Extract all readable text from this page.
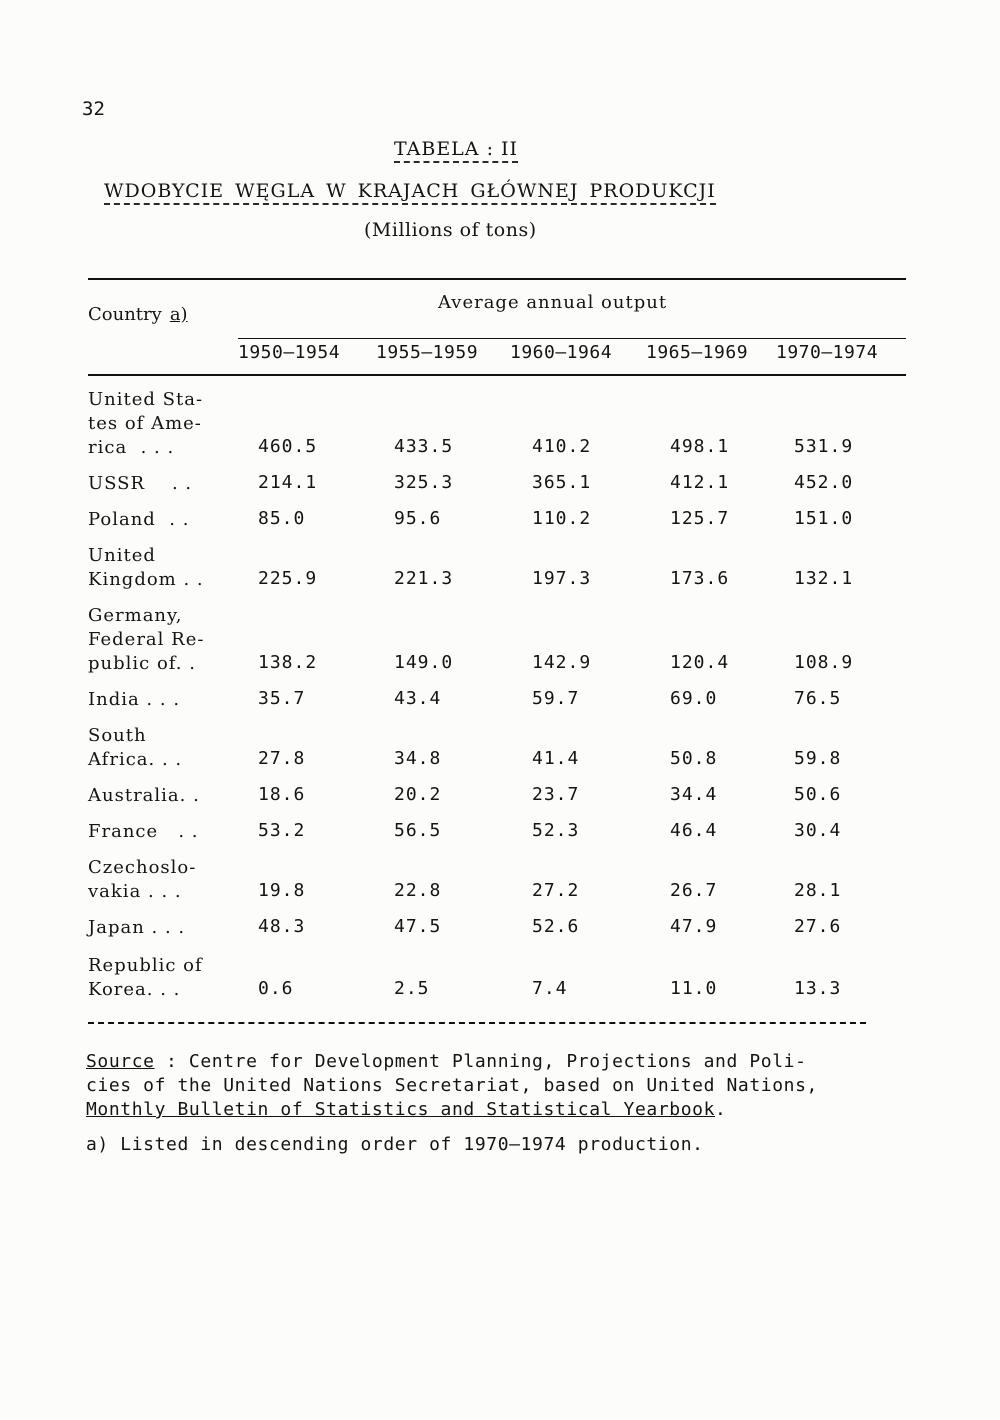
32
TABELA : II
WDOBYCIE WĘGLA W KRAJACH GŁÓWNEJ PRODUKCJI
(Millions of tons)
Country a)
Average annual output
1950–1954 1955–1959 1960–1964 1965–1969 1970–1974
United Sta-
tes of Ame-
rica  . . .	460.5	433.5	410.2	498.1	531.9
USSR    . .	214.1	325.3	365.1	412.1	452.0
Poland  . .	85.0	95.6	110.2	125.7	151.0
United
Kingdom . .	225.9	221.3	197.3	173.6	132.1
Germany,
Federal Re-
public of. .	138.2	149.0	142.9	120.4	108.9
India . . .	35.7	43.4	59.7	69.0	76.5
South
Africa. . .	27.8	34.8	41.4	50.8	59.8
Australia. .	18.6	20.2	23.7	34.4	50.6
France   . .	53.2	56.5	52.3	46.4	30.4
Czechoslo-
vakia . . .	19.8	22.8	27.2	26.7	28.1
Japan . . .	48.3	47.5	52.6	47.9	27.6
Republic of
Korea. . .	0.6	2.5	7.4	11.0	13.3
Source : Centre for Development Planning, Projections and Poli-
cies of the United Nations Secretariat, based on United Nations,
Monthly Bulletin of Statistics and Statistical Yearbook.
a) Listed in descending order of 1970–1974 production.
